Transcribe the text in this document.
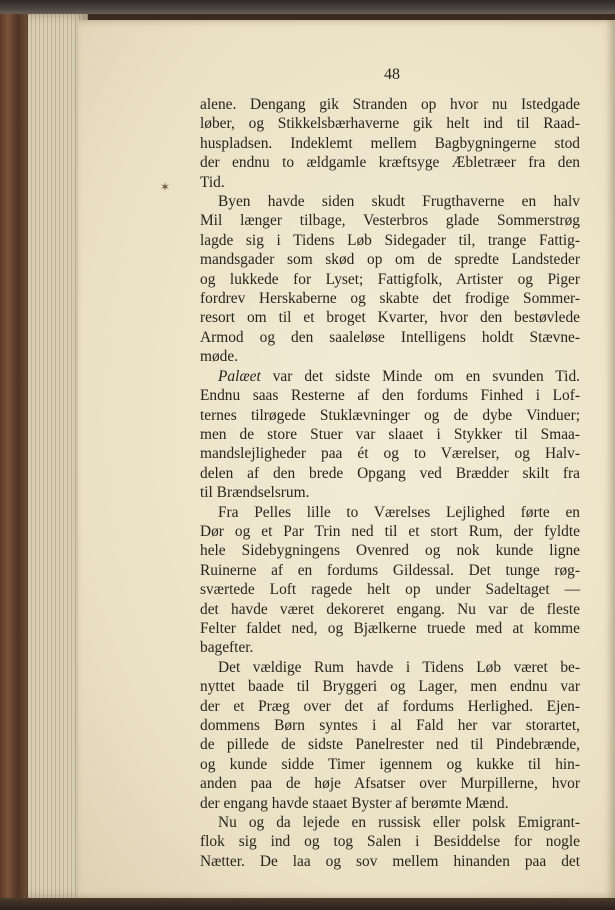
48
✶
alene. Dengang gik Stranden op hvor nu Istedgade
løber, og Stikkelsbærhaverne gik helt ind til Raad-
huspladsen. Indeklemt mellem Bagbygningerne stod
der endnu to ældgamle kræftsyge Æbletræer fra den
Tid.
Byen havde siden skudt Frugthaverne en halv
Mil længer tilbage, Vesterbros glade Sommerstrøg
lagde sig i Tidens Løb Sidegader til, trange Fattig-
mandsgader som skød op om de spredte Landsteder
og lukkede for Lyset; Fattigfolk, Artister og Piger
fordrev Herskaberne og skabte det frodige Sommer-
resort om til et broget Kvarter, hvor den bestøvlede
Armod og den saaleløse Intelligens holdt Stævne-
møde.
Palæet var det sidste Minde om en svunden Tid.
Endnu saas Resterne af den fordums Finhed i Lof-
ternes tilrøgede Stuklævninger og de dybe Vinduer;
men de store Stuer var slaaet i Stykker til Smaa-
mandslejligheder paa ét og to Værelser, og Halv-
delen af den brede Opgang ved Brædder skilt fra
til Brændselsrum.
Fra Pelles lille to Værelses Lejlighed førte en
Dør og et Par Trin ned til et stort Rum, der fyldte
hele Sidebygningens Ovenred og nok kunde ligne
Ruinerne af en fordums Gildessal. Det tunge røg-
sværtede Loft ragede helt op under Sadeltaget —
det havde været dekoreret engang. Nu var de fleste
Felter faldet ned, og Bjælkerne truede med at komme
bagefter.
Det vældige Rum havde i Tidens Løb været be-
nyttet baade til Bryggeri og Lager, men endnu var
der et Præg over det af fordums Herlighed. Ejen-
dommens Børn syntes i al Fald her var storartet,
de pillede de sidste Panelrester ned til Pindebrænde,
og kunde sidde Timer igennem og kukke til hin-
anden paa de høje Afsatser over Murpillerne, hvor
der engang havde staaet Byster af berømte Mænd.
Nu og da lejede en russisk eller polsk Emigrant-
flok sig ind og tog Salen i Besiddelse for nogle
Nætter. De laa og sov mellem hinanden paa det
